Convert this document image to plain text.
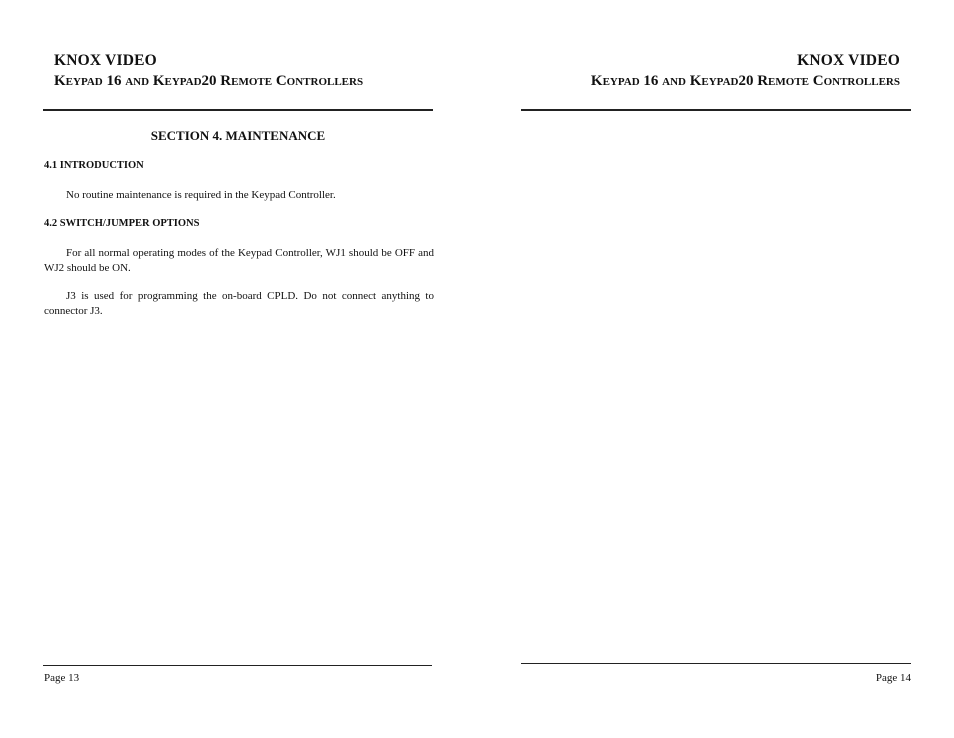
KNOX VIDEO
Keypad 16 and Keypad20 Remote Controllers
SECTION 4. MAINTENANCE
4.1 INTRODUCTION

No routine maintenance is required in the Keypad Controller.

4.2 SWITCH/JUMPER OPTIONS

For all normal operating modes of the Keypad Controller, WJ1 should be OFF and WJ2 should be ON.

J3 is used for programming the on-board CPLD. Do not connect anything to connector J3.

Page 13
KNOX VIDEO
Keypad 16 and Keypad20 Remote Controllers
Page 14
